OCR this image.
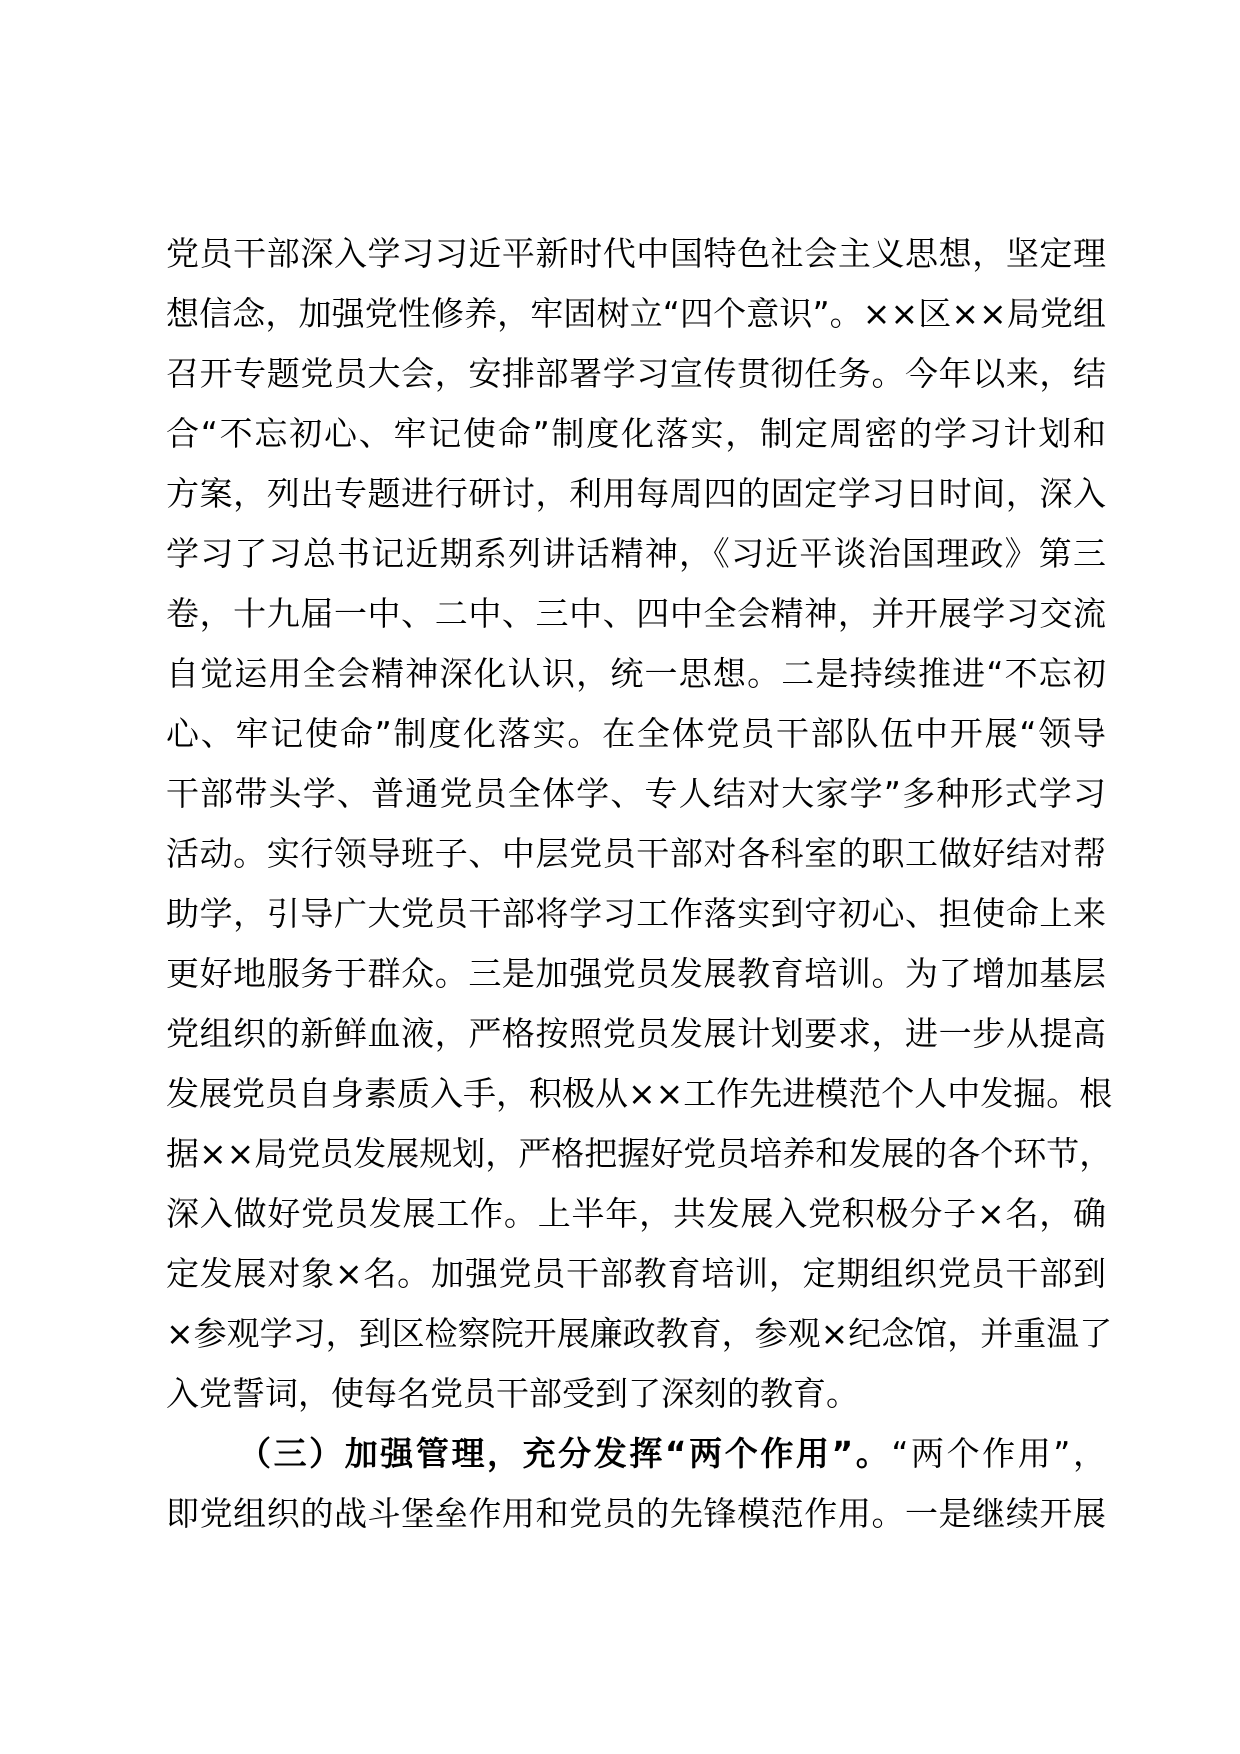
党员干部深入学习习近平新时代中国特色社会主义思想，坚定理
想信念，加强党性修养，牢固树立“四个意识”。××区××局党组
召开专题党员大会，安排部署学习宣传贯彻任务。今年以来，结
合“不忘初心、牢记使命”制度化落实，制定周密的学习计划和
方案，列出专题进行研讨，利用每周四的固定学习日时间，深入
学习了习总书记近期系列讲话精神，《习近平谈治国理政》第三
卷，十九届一中、二中、三中、四中全会精神，并开展学习交流
自觉运用全会精神深化认识，统一思想。二是持续推进“不忘初
心、牢记使命”制度化落实。在全体党员干部队伍中开展“领导
干部带头学、普通党员全体学、专人结对大家学”多种形式学习
活动。实行领导班子、中层党员干部对各科室的职工做好结对帮
助学，引导广大党员干部将学习工作落实到守初心、担使命上来
更好地服务于群众。三是加强党员发展教育培训。为了增加基层
党组织的新鲜血液，严格按照党员发展计划要求，进一步从提高
发展党员自身素质入手，积极从××工作先进模范个人中发掘。根
据××局党员发展规划，严格把握好党员培养和发展的各个环节，
深入做好党员发展工作。上半年，共发展入党积极分子×名，确
定发展对象×名。加强党员干部教育培训，定期组织党员干部到
×参观学习，到区检察院开展廉政教育，参观×纪念馆，并重温了
入党誓词，使每名党员干部受到了深刻的教育。
（三）加强管理，充分发挥“两个作用”。“两个作用”，
即党组织的战斗堡垒作用和党员的先锋模范作用。一是继续开展
